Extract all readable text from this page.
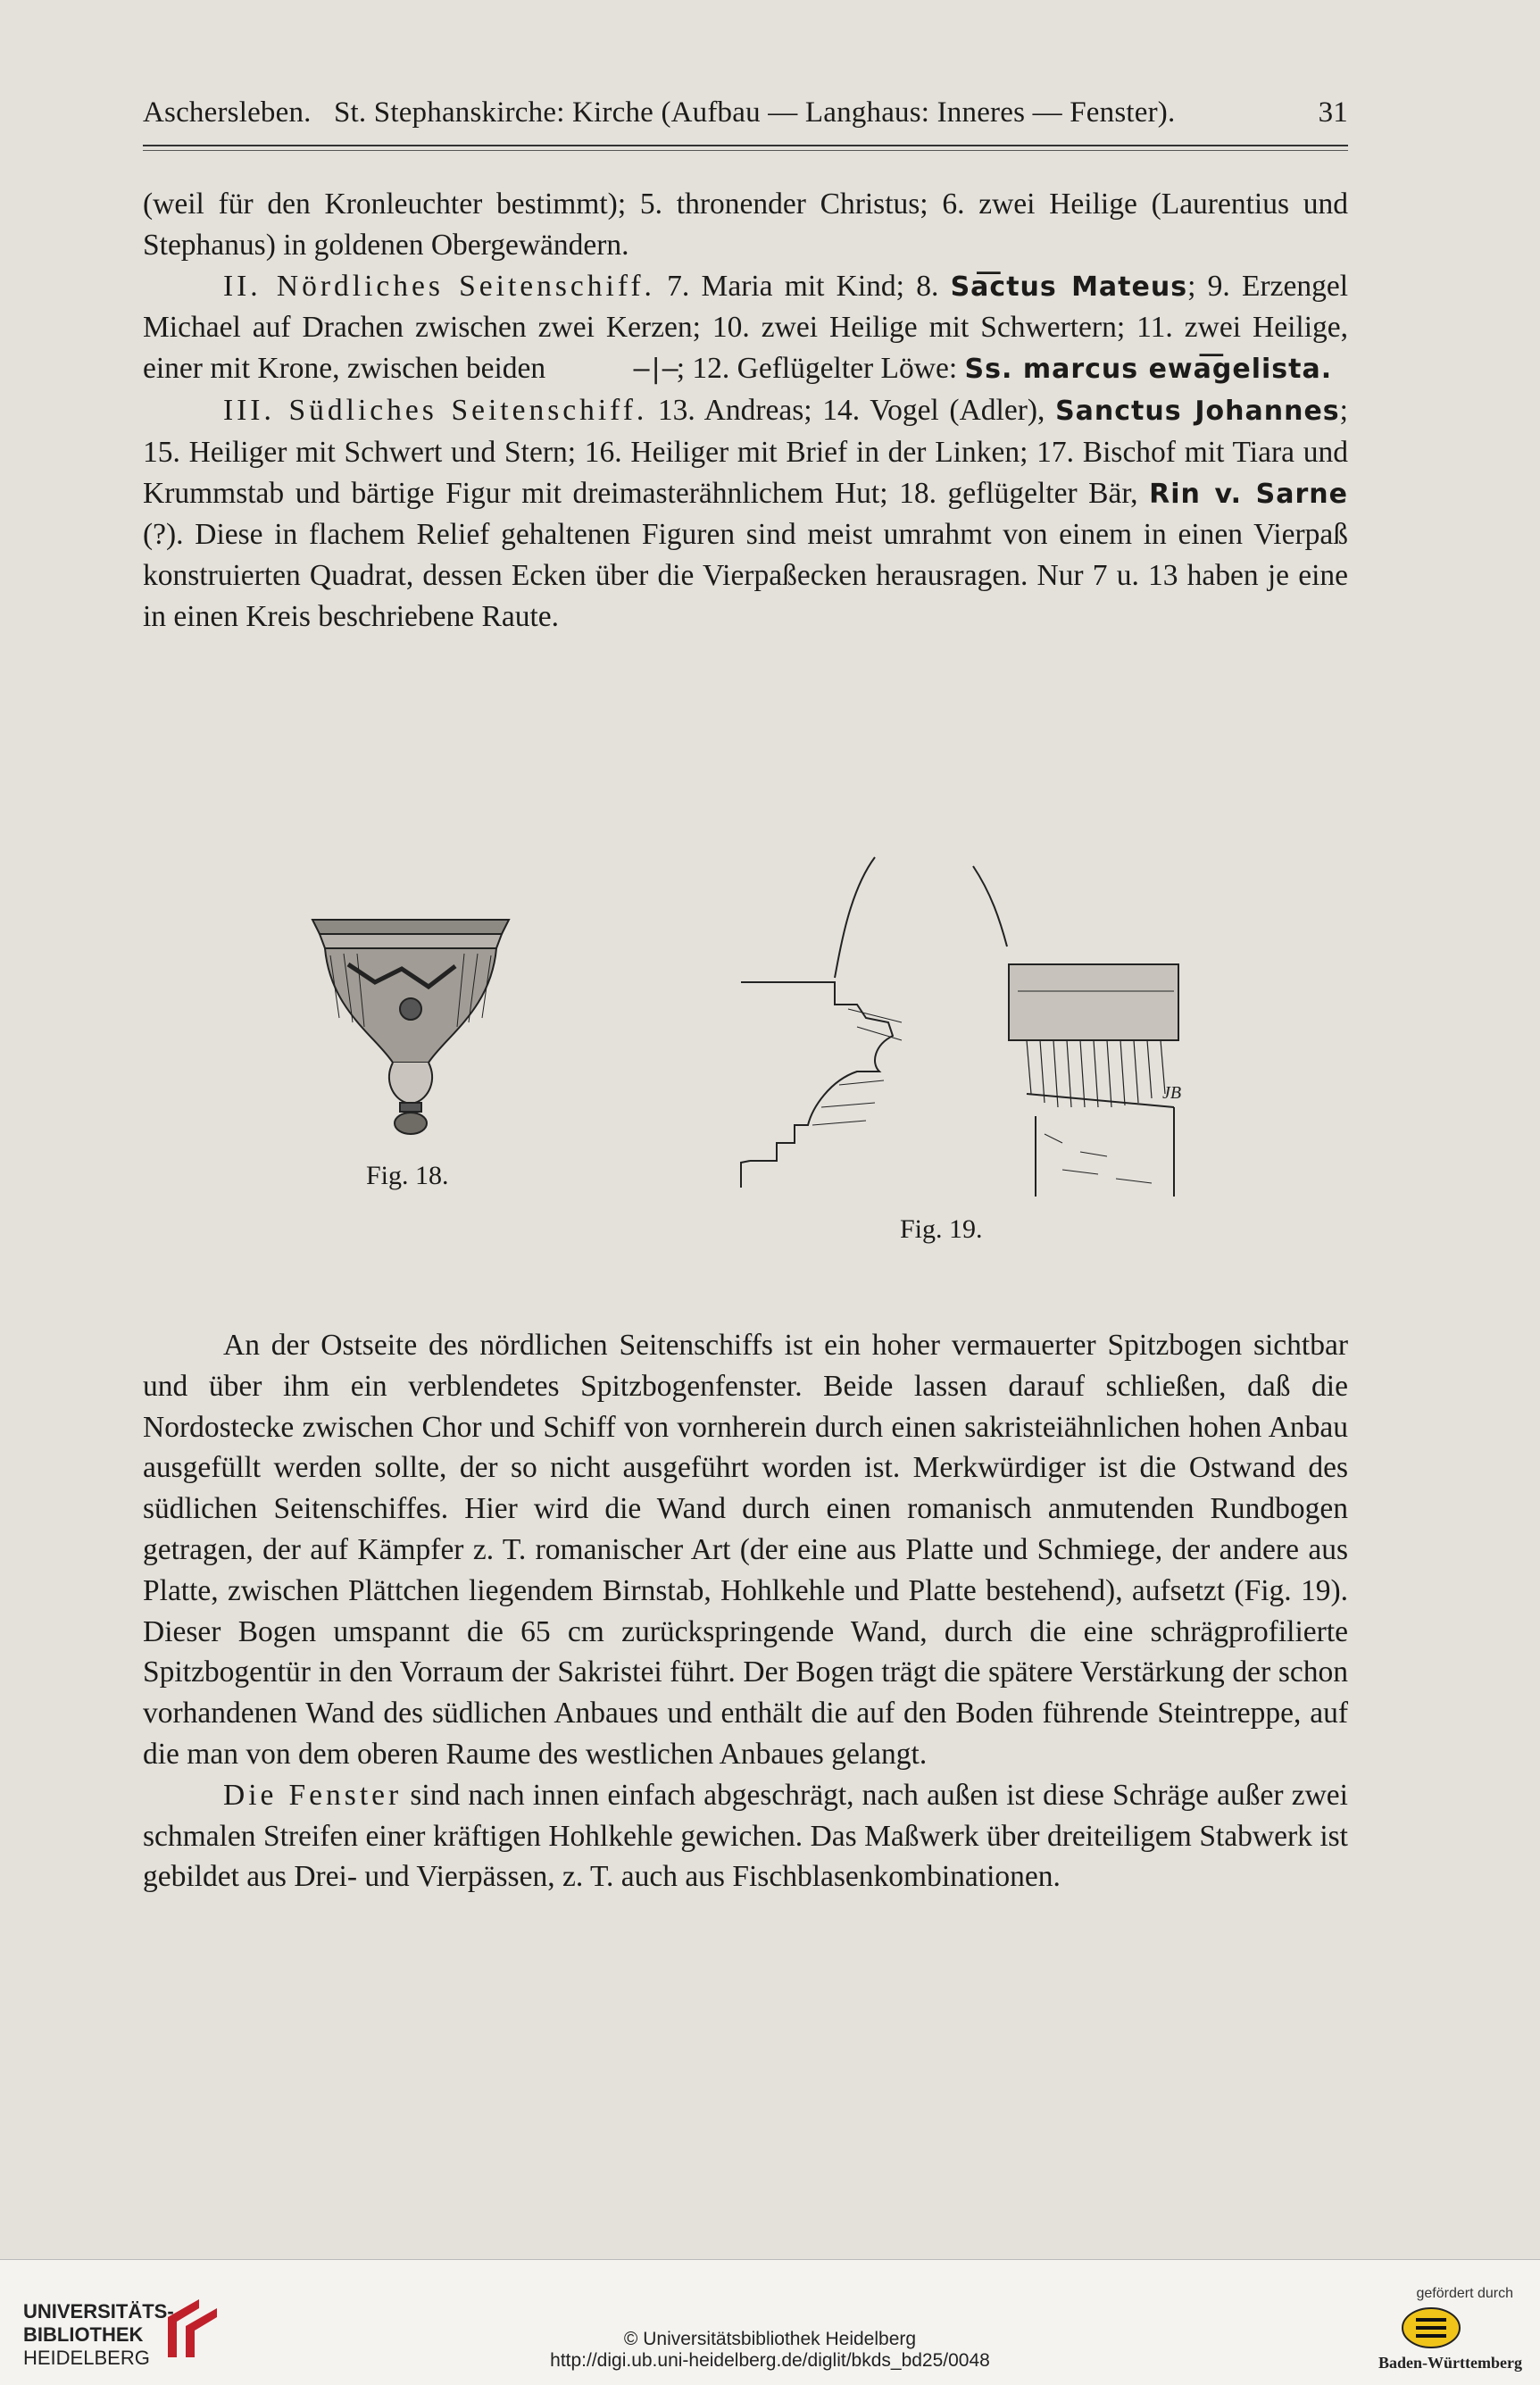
Aschersleben.   St. Stephanskirche: Kirche (Aufbau — Langhaus: Inneres — Fenster).	31

(weil für den Kronleuchter bestimmt); 5. thronender Christus; 6. zwei Heilige (Laurentius und Stephanus) in goldenen Obergewändern.

II. Nördliches Seitenschiff. 7. Maria mit Kind; 8. Sa͞ctus Mateus; 9. Erzengel Michael auf Drachen zwischen zwei Kerzen; 10. zwei Heilige mit Schwertern; 11. zwei Heilige, einer mit Krone, zwischen beiden	‒|‒; 12. Geflügelter Löwe: Ss. marcus ewa͞gelista.

III. Südliches Seitenschiff. 13. Andreas; 14. Vogel (Adler), Sanctus Johannes; 15. Heiliger mit Schwert und Stern; 16. Heiliger mit Brief in der Linken; 17. Bischof mit Tiara und Krummstab und bärtige Figur mit dreimasterähnlichem Hut; 18. geflügelter Bär, Rin v. Sarne (?). Diese in flachem Relief gehaltenen Figuren sind meist umrahmt von einem in einen Vierpaß konstruierten Quadrat, dessen Ecken über die Vierpaßecken herausragen. Nur 7 u. 13 haben je eine in einen Kreis beschriebene Raute.

Fig. 18.
JB
Fig. 19.

An der Ostseite des nördlichen Seitenschiffs ist ein hoher vermauerter Spitzbogen sichtbar und über ihm ein verblendetes Spitzbogenfenster. Beide lassen darauf schließen, daß die Nordostecke zwischen Chor und Schiff von vornherein durch einen sakristeiähnlichen hohen Anbau ausgefüllt werden sollte, der so nicht ausgeführt worden ist. Merkwürdiger ist die Ostwand des südlichen Seitenschiffes. Hier wird die Wand durch einen romanisch anmutenden Rundbogen getragen, der auf Kämpfer z. T. romanischer Art (der eine aus Platte und Schmiege, der andere aus Platte, zwischen Plättchen liegendem Birnstab, Hohlkehle und Platte bestehend), aufsetzt (Fig. 19). Dieser Bogen umspannt die 65 cm zurückspringende Wand, durch die eine schrägprofilierte Spitzbogentür in den Vorraum der Sakristei führt. Der Bogen trägt die spätere Verstärkung der schon vorhandenen Wand des südlichen Anbaues und enthält die auf den Boden führende Steintreppe, auf die man von dem oberen Raume des westlichen Anbaues gelangt.

Die Fenster sind nach innen einfach abgeschrägt, nach außen ist diese Schräge außer zwei schmalen Streifen einer kräftigen Hohlkehle gewichen. Das Maßwerk über dreiteiligem Stabwerk ist gebildet aus Drei- und Vierpässen, z. T. auch aus Fischblasenkombinationen.

UNIVERSITÄTS-
BIBLIOTHEK
HEIDELBERG
© Universitätsbibliothek Heidelberg
http://digi.ub.uni-heidelberg.de/diglit/bkds_bd25/0048
gefördert durch
Baden-Württemberg
